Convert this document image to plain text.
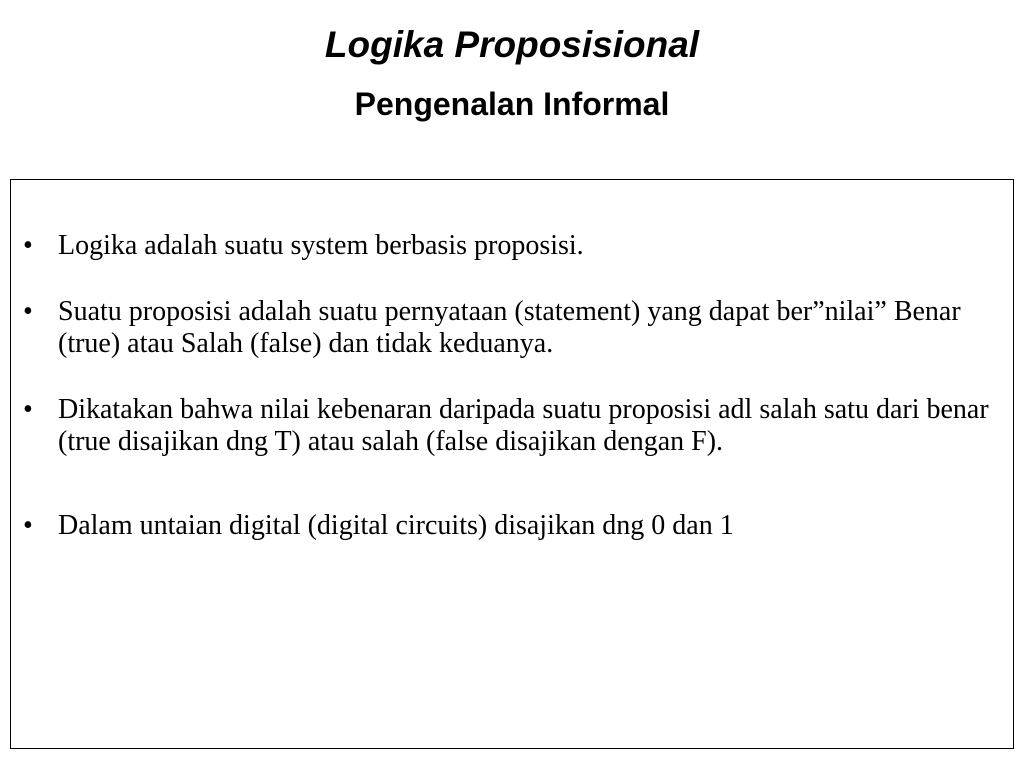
Logika Proposisional
Pengenalan Informal
• Logika adalah suatu system berbasis proposisi.
• Suatu proposisi adalah suatu pernyataan (statement) yang dapat ber”nilai” Benar (true) atau Salah (false) dan tidak keduanya.
• Dikatakan bahwa nilai kebenaran daripada suatu proposisi adl salah satu dari benar (true disajikan dng T) atau salah (false disajikan dengan F).
• Dalam untaian digital (digital circuits) disajikan dng 0 dan 1
